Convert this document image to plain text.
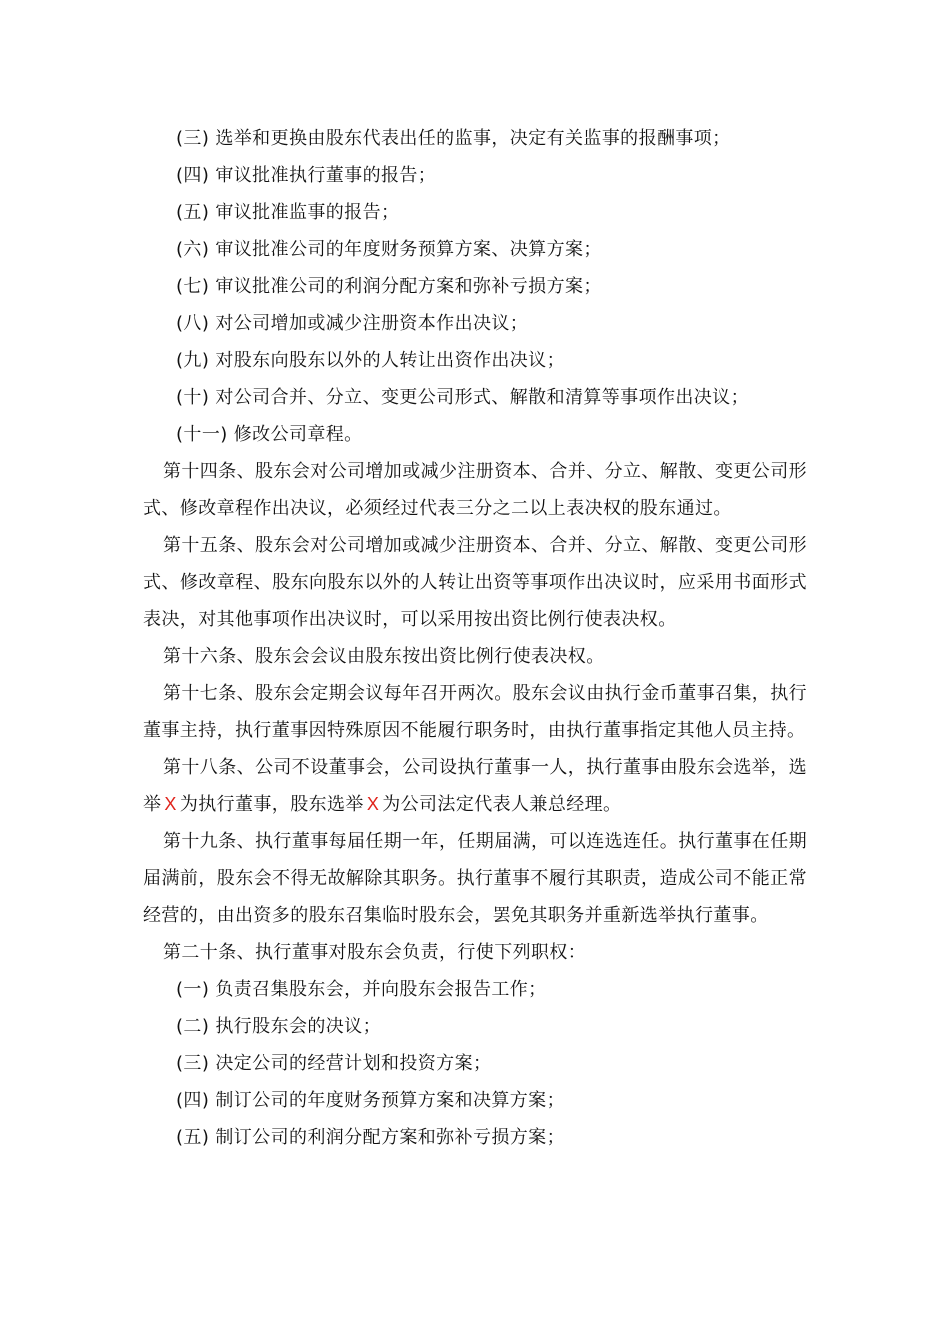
(三) 选举和更换由股东代表出任的监事，决定有关监事的报酬事项；
(四) 审议批准执行董事的报告；
(五) 审议批准监事的报告；
(六) 审议批准公司的年度财务预算方案、决算方案；
(七) 审议批准公司的利润分配方案和弥补亏损方案；
(八) 对公司增加或减少注册资本作出决议；
(九) 对股东向股东以外的人转让出资作出决议；
(十) 对公司合并、分立、变更公司形式、解散和清算等事项作出决议；
(十一) 修改公司章程。
第十四条、股东会对公司增加或减少注册资本、合并、分立、解散、变更公司形式、修改章程作出决议，必须经过代表三分之二以上表决权的股东通过。
第十五条、股东会对公司增加或减少注册资本、合并、分立、解散、变更公司形式、修改章程、股东向股东以外的人转让出资等事项作出决议时，应采用书面形式表决，对其他事项作出决议时，可以采用按出资比例行使表决权。
第十六条、股东会会议由股东按出资比例行使表决权。
第十七条、股东会定期会议每年召开两次。股东会议由执行金币董事召集，执行董事主持，执行董事因特殊原因不能履行职务时，由执行董事指定其他人员主持。
第十八条、公司不设董事会，公司设执行董事一人，执行董事由股东会选举，选举 X 为执行董事，股东选举 X 为公司法定代表人兼总经理。
第十九条、执行董事每届任期一年，任期届满，可以连选连任。执行董事在任期届满前，股东会不得无故解除其职务。执行董事不履行其职责，造成公司不能正常经营的，由出资多的股东召集临时股东会，罢免其职务并重新选举执行董事。
第二十条、执行董事对股东会负责，行使下列职权：
(一) 负责召集股东会，并向股东会报告工作；
(二) 执行股东会的决议；
(三) 决定公司的经营计划和投资方案；
(四) 制订公司的年度财务预算方案和决算方案；
(五) 制订公司的利润分配方案和弥补亏损方案；
